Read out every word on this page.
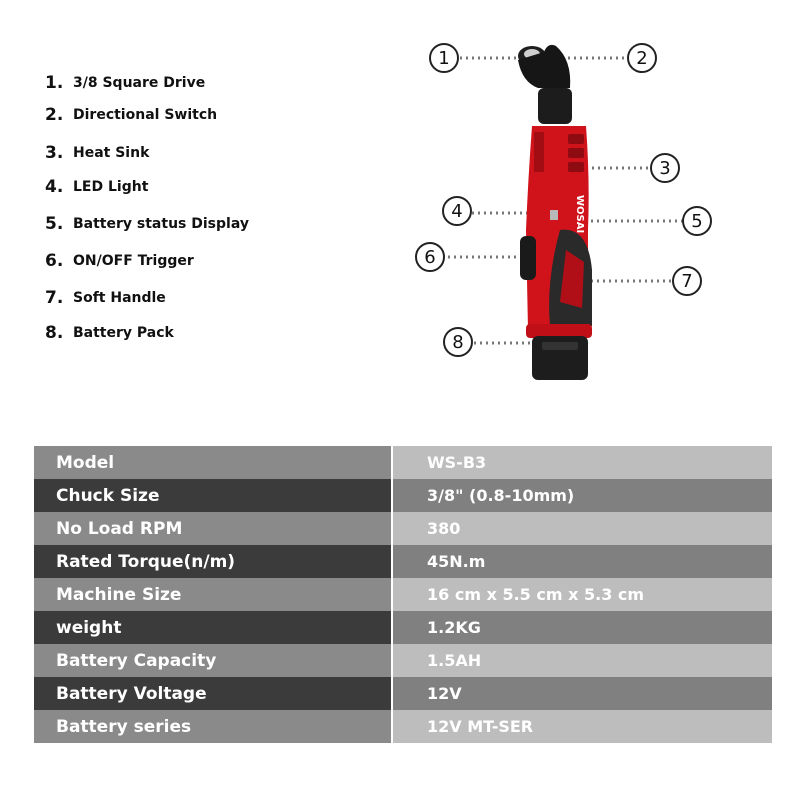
1. 3/8 Square Drive
2. Directional Switch
3. Heat Sink
4. LED Light
5. Battery status Display
6. ON/OFF Trigger
7. Soft Handle
8. Battery Pack
WOSAI
1	2
3
4	5
6
7
8
Model	WS-B3
Chuck Size	3/8" (0.8-10mm)
No Load RPM	380
Rated Torque(n/m)	45N.m
Machine Size	16 cm x 5.5 cm x 5.3 cm
weight	1.2KG
Battery Capacity	1.5AH
Battery Voltage	12V
Battery series	12V MT-SER
